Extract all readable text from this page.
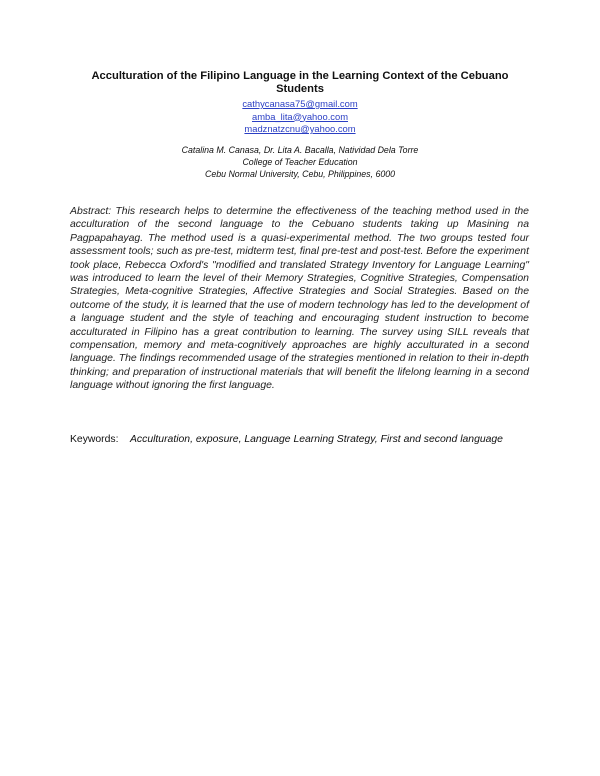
Acculturation of the Filipino Language in the Learning Context of the Cebuano Students
cathycanasa75@gmail.com
amba_lita@yahoo.com
madznatzcnu@yahoo.com
Catalina M. Canasa, Dr. Lita A. Bacalla, Natividad Dela Torre
College of Teacher Education
Cebu Normal University, Cebu, Philippines, 6000

Abstract: This research helps to determine the effectiveness of the teaching method used in the acculturation of the second language to the Cebuano students taking up Masining na Pagpapahayag. The method used is a quasi-experimental method. The two groups tested four assessment tools; such as pre-test, midterm test, final pre-test and post-test. Before the experiment took place, Rebecca Oxford's "modified and translated Strategy Inventory for Language Learning" was introduced to learn the level of their Memory Strategies, Cognitive Strategies, Compensation Strategies, Meta-cognitive Strategies, Affective Strategies and Social Strategies. Based on the outcome of the study, it is learned that the use of modern technology has led to the development of a language student and the style of teaching and encouraging student instruction to become acculturated in Filipino has a great contribution to learning. The survey using SILL reveals that compensation, memory and meta-cognitively approaches are highly acculturated in a second language. The findings recommended usage of the strategies mentioned in relation to their in-depth thinking; and preparation of instructional materials that will benefit the lifelong learning in a second language without ignoring the first language.

Keywords:	Acculturation, exposure, Language Learning Strategy, First and second language
